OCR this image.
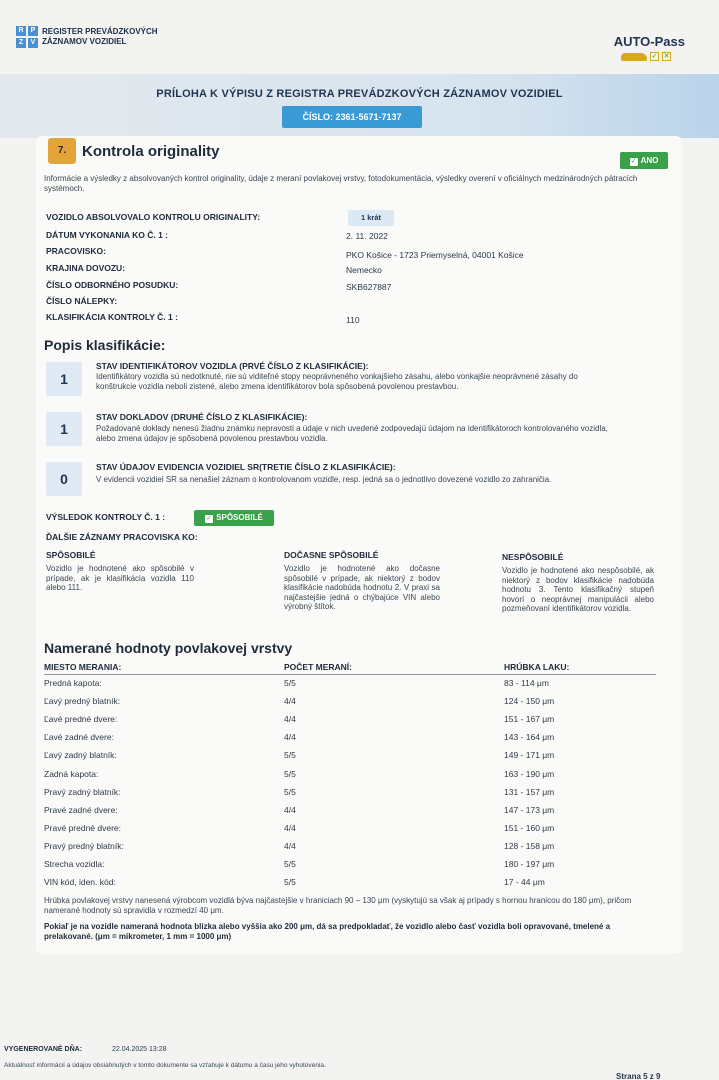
R	P
Z	V
REGISTER PREVÁDZKOVÝCH
ZÁZNAMOV VOZIDIEL	AUTO-Pass
✓ ✕
PRÍLOHA K VÝPISU Z REGISTRA PREVÁDZKOVÝCH ZÁZNAMOV VOZIDIEL
ČÍSLO: 2361-5671-7137
7.	Kontrola originality
✓ ANO
Informácie a výsledky z absolvovaných kontrol originality, údaje z meraní povlakovej vrstvy, fotodokumentácia, výsledky overení v oficiálnych medzinárodných pátracích systémoch.
VOZIDLO ABSOLVOVALO KONTROLU ORIGINALITY:	1 krát
DÁTUM VYKONANIA KO Č. 1 :	2. 11. 2022
PRACOVISKO:	PKO Košice - 1723 Priemyselná, 04001 Košice
KRAJINA DOVOZU:	Nemecko
ČÍSLO ODBORNÉHO POSUDKU:	SKB627887
ČÍSLO NÁLEPKY:
KLASIFIKÁCIA KONTROLY Č. 1 :	110
Popis klasifikácie:
1
STAV IDENTIFIKÁTOROV VOZIDLA (PRVÉ ČÍSLO Z KLASIFIKÁCIE):
Identifikátory vozidla sú nedotknuté, nie sú viditeľné stopy neoprávneného vonkajšieho zásahu, alebo vonkajšie neoprávnené zásahy do konštrukcie vozidla neboli zistené, alebo zmena identifikátorov bola spôsobená povolenou prestavbou.
1
STAV DOKLADOV (DRUHÉ ČÍSLO Z KLASIFIKÁCIE):
Požadované doklady nenesú žiadnu známku nepravosti a údaje v nich uvedené zodpovedajú údajom na identifikátoroch kontrolovaného vozidla, alebo zmena údajov je spôsobená povolenou prestavbou vozidla.
0
STAV ÚDAJOV EVIDENCIA VOZIDIEL SR(TRETIE ČÍSLO Z KLASIFIKÁCIE):
V evidencii vozidiel SR sa nenašiel záznam o kontrolovanom vozidle, resp. jedná sa o jednotlivo dovezené vozidlo zo zahraničia.
VÝSLEDOK KONTROLY Č. 1 :	✓ SPÔSOBILÉ
ĎALŠIE ZÁZNAMY PRACOVISKA KO:
SPÔSOBILÉ
Vozidlo je hodnotené ako spôsobilé v prípade, ak je klasifikácia vozidla 110 alebo 111.
DOČASNE SPÔSOBILÉ
Vozidlo je hodnotené ako dočasne spôsobilé v prípade, ak niektorý z bodov klasifikácie nadobúda hodnotu 2. V praxi sa najčastejšie jedná o chýbajúce VIN alebo výrobný štítok.
NESPÔSOBILÉ
Vozidlo je hodnotené ako nespôsobilé, ak niektorý z bodov klasifikácie nadobúda hodnotu 3. Tento klasifikačný stupeň hovorí o neoprávnej manipulácii alebo pozmeňovaní identifikátorov vozidla.
Namerané hodnoty povlakovej vrstvy
MIESTO MERANIA:	POČET MERANÍ:	HRÚBKA LAKU:
Predná kapota:	5/5	83 - 114 μm
Ľavý predný blatník:	4/4	124 - 150 μm
Ľavé predné dvere:	4/4	151 - 167 μm
Ľavé zadné dvere:	4/4	143 - 164 μm
Ľavý zadný blatník:	5/5	149 - 171 μm
Zadná kapota:	5/5	163 - 190 μm
Pravý zadný blatník:	5/5	131 - 157 μm
Pravé zadné dvere:	4/4	147 - 173 μm
Pravé predné dvere:	4/4	151 - 160 μm
Pravý predný blatník:	4/4	128 - 158 μm
Strecha vozidla:	5/5	180 - 197 μm
VIN kód, iden. kód:	5/5	17 - 44 μm
Hrúbka povlakovej vrstvy nanesená výrobcom vozidlá býva najčastejšie v hraniciach 90 – 130 μm (vyskytujú sa však aj prípady s hornou hranicou do 180 μm), pričom namerané hodnoty sú spravidla v rozmedzí 40 μm.
Pokiaľ je na vozidle nameraná hodnota blízka alebo vyššia ako 200 μm, dá sa predpokladať, že vozidlo alebo časť vozidla boli opravované, tmelené a prelakované. (μm = mikrometer, 1 mm = 1000 μm)
VYGENEROVANÉ DŇA:	22.04.2025 13:28
Aktuálnosť informácií a údajov obsiahnutých v tomto dokumente sa vzťahuje k dátumu a času jeho vyhotovenia.
Strana 5 z 9
